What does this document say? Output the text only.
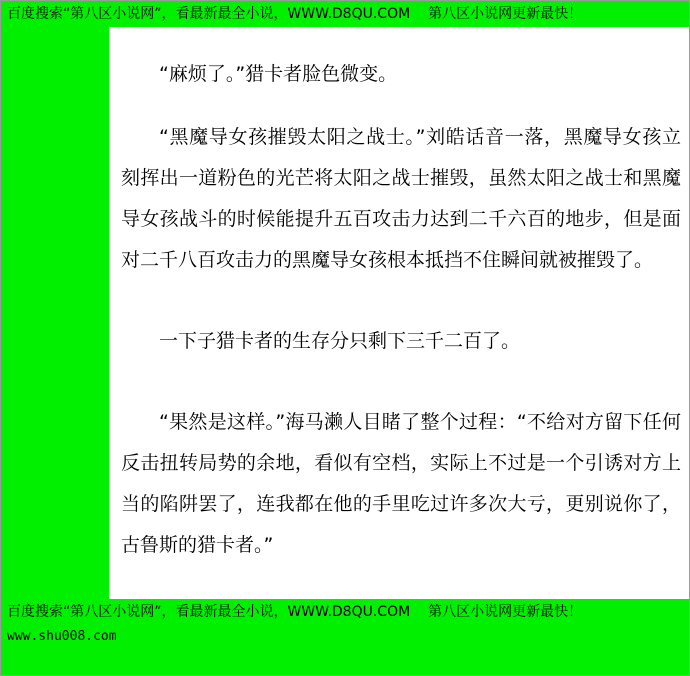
“麻烦了。”猎卡者脸色微变。

“黑魔导女孩摧毁太阳之战士。”刘皓话音一落，黑魔导女孩立刻挥出一道粉色的光芒将太阳之战士摧毁，虽然太阳之战士和黑魔导女孩战斗的时候能提升五百攻击力达到二千六百的地步，但是面对二千八百攻击力的黑魔导女孩根本抵挡不住瞬间就被摧毁了。

一下子猎卡者的生存分只剩下三千二百了。

“果然是这样。”海马濑人目睹了整个过程：“不给对方留下任何反击扭转局势的余地，看似有空档，实际上不过是一个引诱对方上当的陷阱罢了，连我都在他的手里吃过许多次大亏，更别说你了，古鲁斯的猎卡者。”

百度搜索“第八区小说网”，看最新最全小说，WWW.D8QU.COM 第八区小说网更新最快！
百度搜索“第八区小说网”，看最新最全小说，WWW.D8QU.COM 第八区小说网更新最快！
www.shu008.com
